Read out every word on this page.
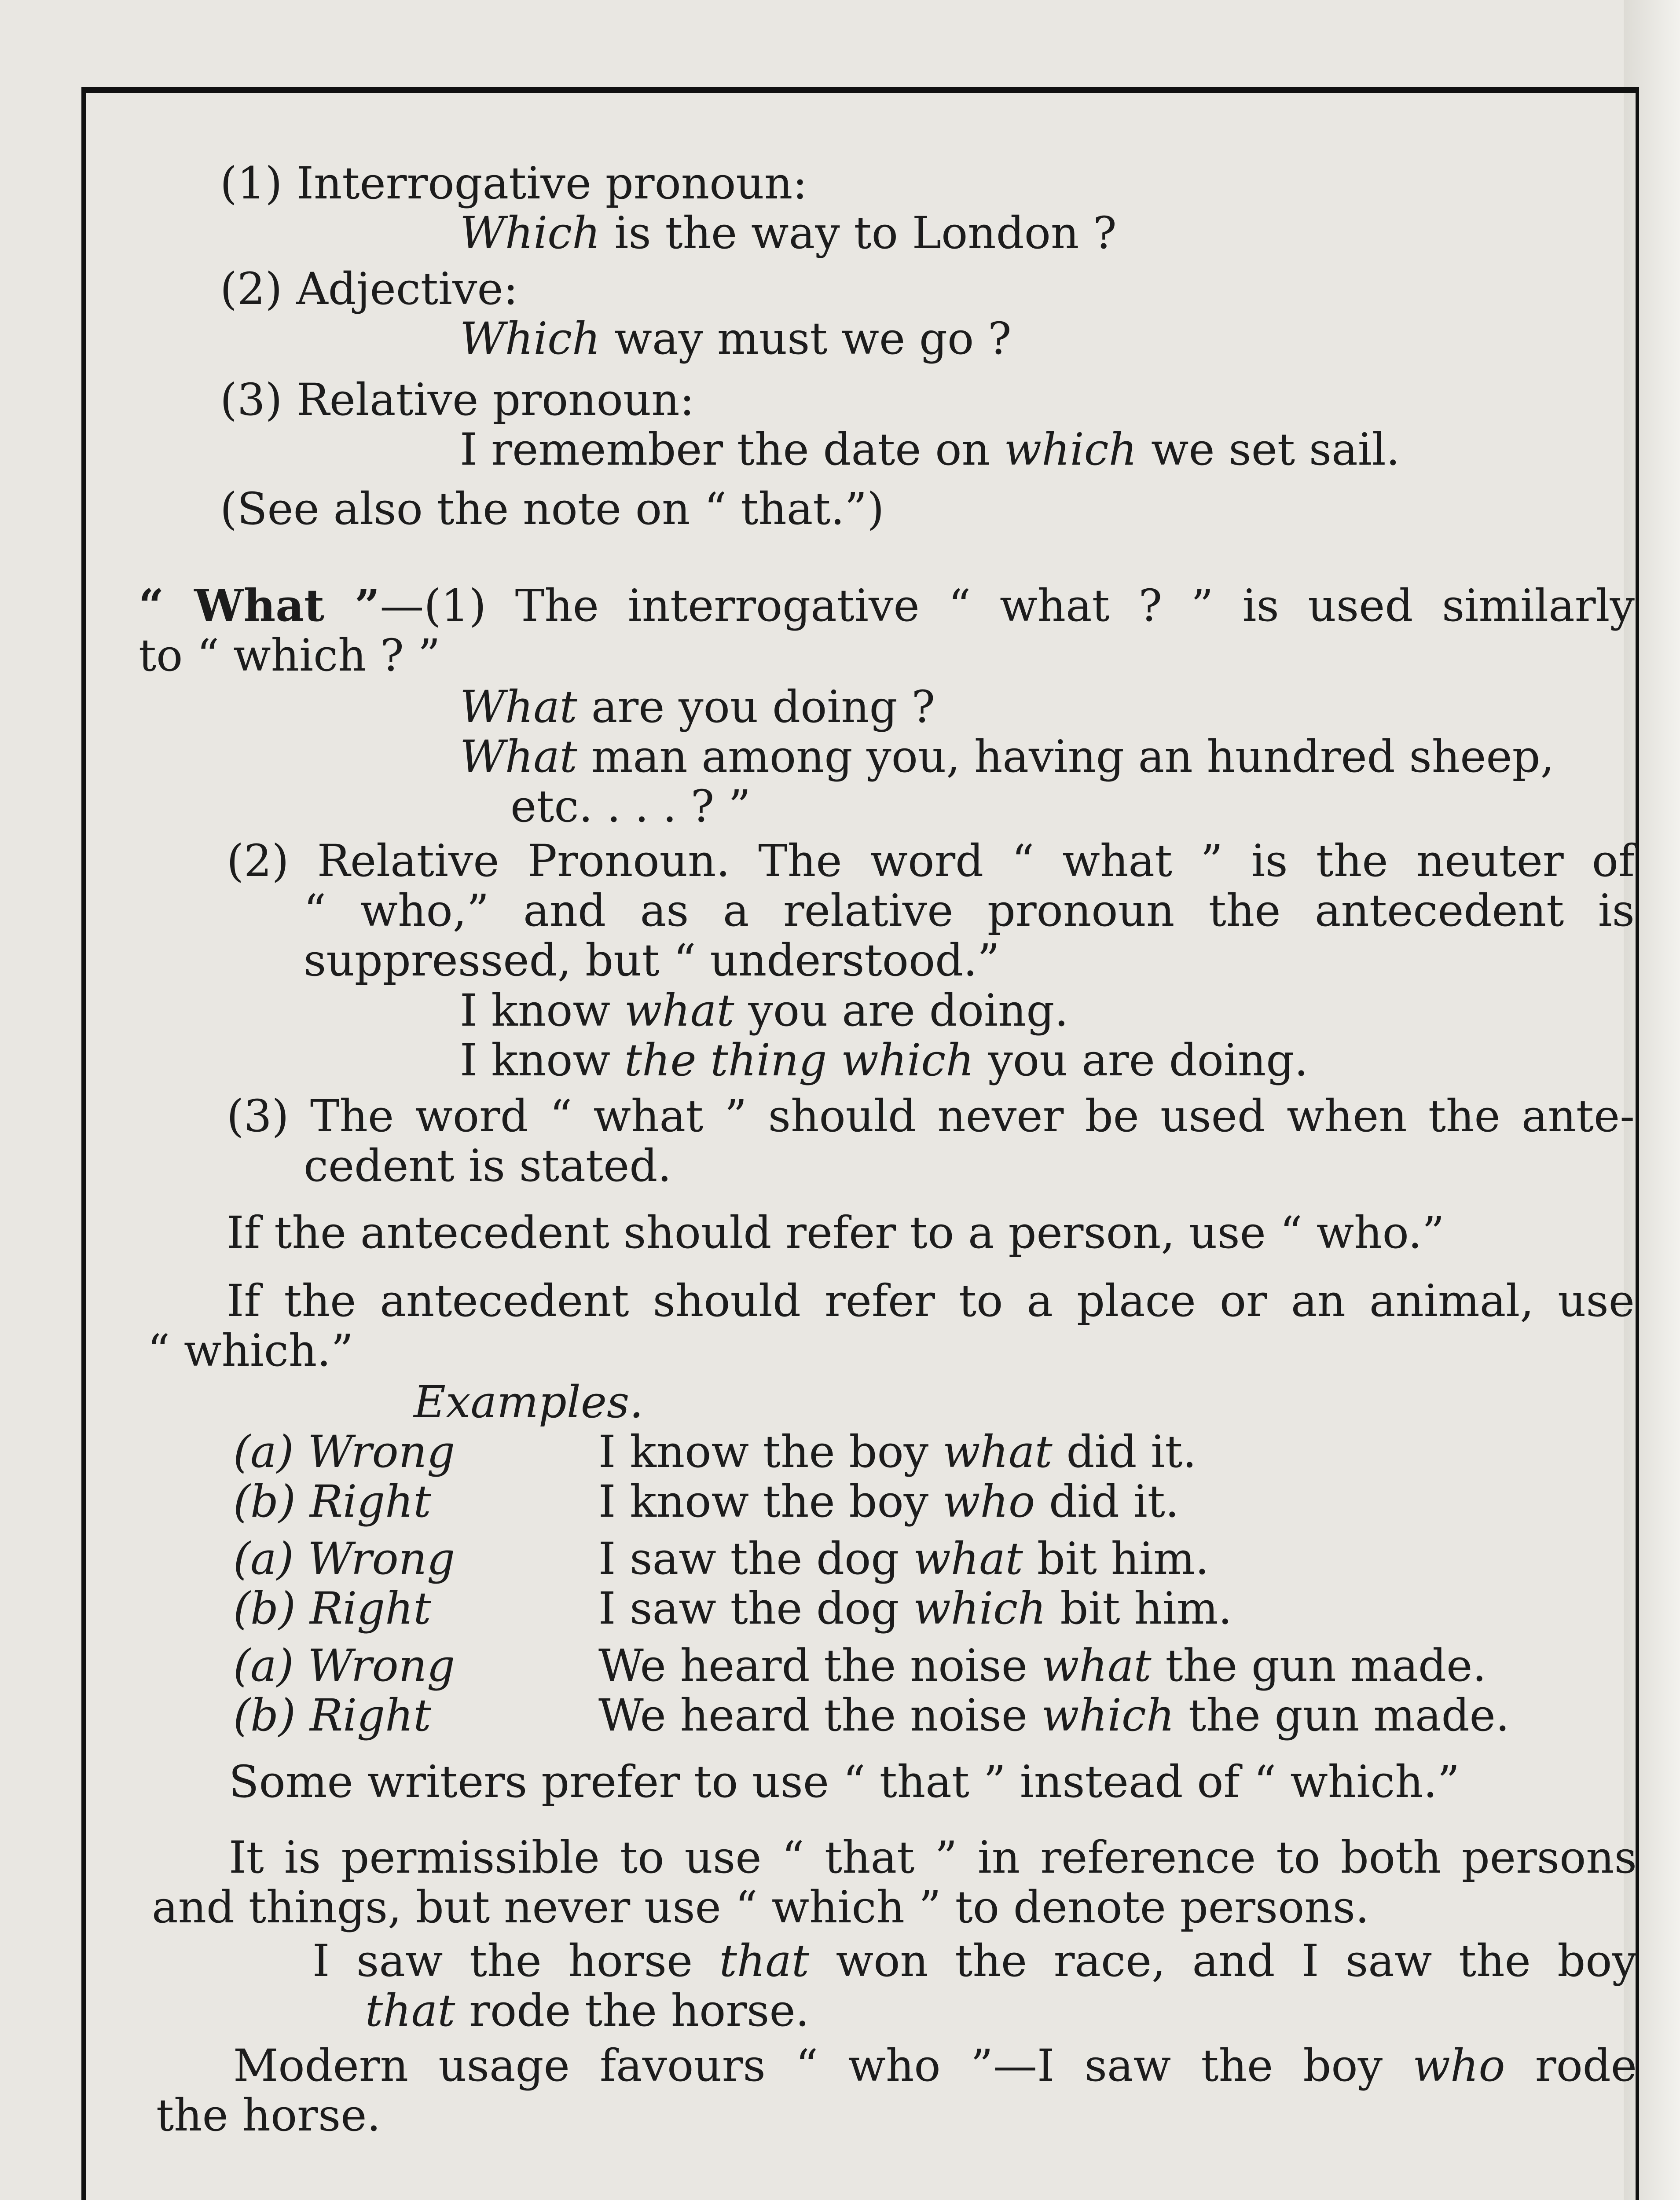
(1) Interrogative pronoun:
Which is the way to London ?
(2) Adjective:
Which way must we go ?
(3) Relative pronoun:
I remember the date on which we set sail.
(See also the note on “ that.”)
“ What ”—(1) The interrogative “ what ? ” is used similarly
to “ which ? ”
What are you doing ?
What man among you, having an hundred sheep,
etc. . . . ? ”
(2) Relative Pronoun. The word “ what ” is the neuter of
“ who,” and as a relative pronoun the antecedent is
suppressed, but “ understood.”
I know what you are doing.
I know the thing which you are doing.
(3) The word “ what ” should never be used when the ante-
cedent is stated.
If the antecedent should refer to a person, use “ who.”
If the antecedent should refer to a place or an animal, use
“ which.”
Examples.
(a) Wrong	I know the boy what did it.
(b) Right	I know the boy who did it.
(a) Wrong	I saw the dog what bit him.
(b) Right	I saw the dog which bit him.
(a) Wrong	We heard the noise what the gun made.
(b) Right	We heard the noise which the gun made.
Some writers prefer to use “ that ” instead of “ which.”
It is permissible to use “ that ” in reference to both persons
and things, but never use “ which ” to denote persons.
I saw the horse that won the race, and I saw the boy
that rode the horse.
Modern usage favours “ who ”—I saw the boy who rode
the horse.
